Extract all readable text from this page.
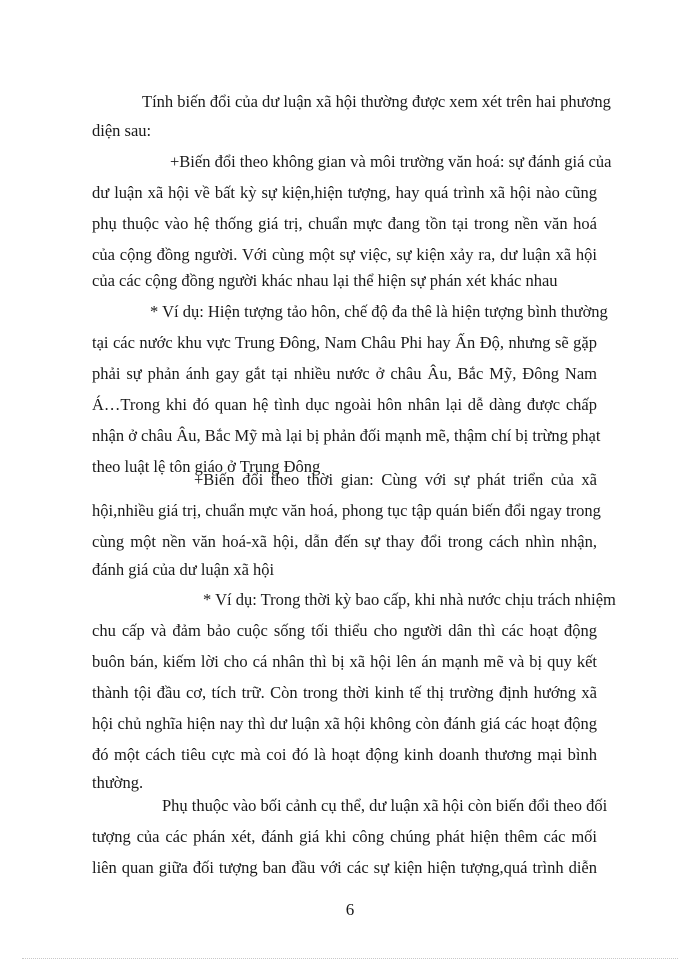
Tính biến đổi của dư luận xã hội thường được xem xét trên hai phương
diện sau:
+Biến đổi theo không gian và môi trường văn hoá: sự đánh giá của
dư luận xã hội về bất kỳ sự kiện,hiện tượng, hay quá trình xã hội nào cũng
phụ thuộc vào hệ thống giá trị, chuẩn mực đang tồn tại trong nền văn hoá
của cộng đồng người. Với cùng một sự việc, sự kiện xảy ra, dư luận xã hội
của các cộng đồng người khác nhau lại thể hiện sự phán xét khác nhau
* Ví dụ: Hiện tượng tảo hôn, chế độ đa thê là hiện tượng bình thường
tại các nước khu vực Trung Đông, Nam Châu Phi hay Ấn Độ, nhưng sẽ gặp
phải sự phản ánh gay gắt tại nhiều nước ở châu Âu, Bắc Mỹ, Đông Nam
Á…Trong khi đó quan hệ tình dục ngoài hôn nhân lại dễ dàng được chấp
nhận ở châu Âu, Bắc Mỹ mà lại bị phản đối mạnh mẽ, thậm chí bị trừng phạt
theo luật lệ tôn giáo ở Trung Đông
+Biến đổi theo thời gian: Cùng với sự phát triển của xã
hội,nhiều giá trị, chuẩn mực văn hoá, phong tục tập quán biến đổi ngay trong
cùng một nền văn hoá-xã hội, dẫn đến sự thay đổi trong cách nhìn nhận,
đánh giá của dư luận xã hội
* Ví dụ: Trong thời kỳ bao cấp, khi nhà nước chịu trách nhiệm
chu cấp và đảm bảo cuộc sống tối thiểu cho người dân thì các hoạt động
buôn bán, kiếm lời cho cá nhân thì bị xã hội lên án mạnh mẽ và bị quy kết
thành tội đầu cơ, tích trữ. Còn trong thời kinh tế thị trường định hướng xã
hội chủ nghĩa hiện nay thì dư luận xã hội không còn đánh giá các hoạt động
đó một cách tiêu cực mà coi đó là hoạt động kinh doanh thương mại bình
thường.
Phụ thuộc vào bối cảnh cụ thể, dư luận xã hội còn biến đổi theo đối
tượng của các phán xét, đánh giá khi công chúng phát hiện thêm các mối
liên quan giữa đối tượng ban đầu với các sự kiện hiện tượng,quá trình diễn
6
